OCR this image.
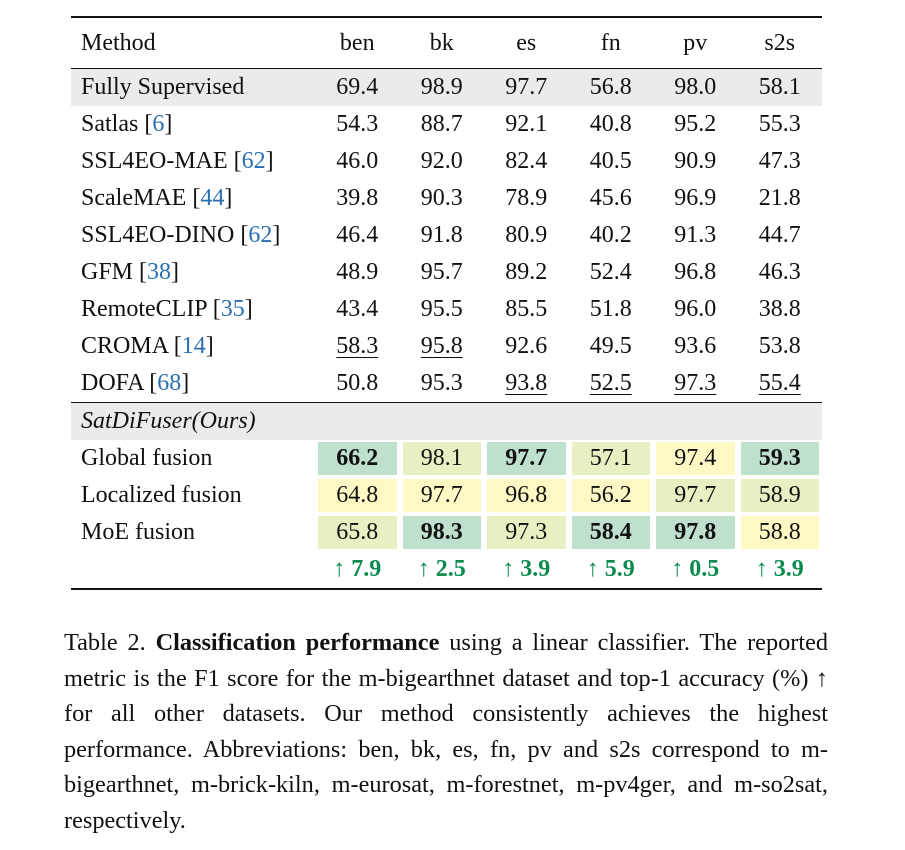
Method	ben	bk	es	fn	pv	s2s
Fully Supervised	69.4	98.9	97.7	56.8	98.0	58.1
Satlas [6]	54.3	88.7	92.1	40.8	95.2	55.3
SSL4EO-MAE [62]	46.0	92.0	82.4	40.5	90.9	47.3
ScaleMAE [44]	39.8	90.3	78.9	45.6	96.9	21.8
SSL4EO-DINO [62]	46.4	91.8	80.9	40.2	91.3	44.7
GFM [38]	48.9	95.7	89.2	52.4	96.8	46.3
RemoteCLIP [35]	43.4	95.5	85.5	51.8	96.0	38.8
CROMA [14]	58.3	95.8	92.6	49.5	93.6	53.8
DOFA [68]	50.8	95.3	93.8	52.5	97.3	55.4
SatDiFuser(Ours)						
Global fusion	66.2	98.1	97.7	57.1	97.4	59.3

Localized fusion	64.8	97.7	96.8	56.2	97.7	58.9

MoE fusion	65.8	98.3	97.3	58.4	97.8	58.8

	↑ 7.9	↑ 2.5	↑ 3.9	↑ 5.9	↑ 0.5	↑ 3.9
Table 2. Classification performance using a linear classifier. The reported metric is the F1 score for the m-bigearthnet dataset and top-1 accuracy (%) ↑ for all other datasets. Our method consistently achieves the highest performance. Abbreviations: ben, bk, es, fn, pv and s2s correspond to m-bigearthnet, m-brick-kiln, m-eurosat, m-forestnet, m-pv4ger, and m-so2sat, respectively.
